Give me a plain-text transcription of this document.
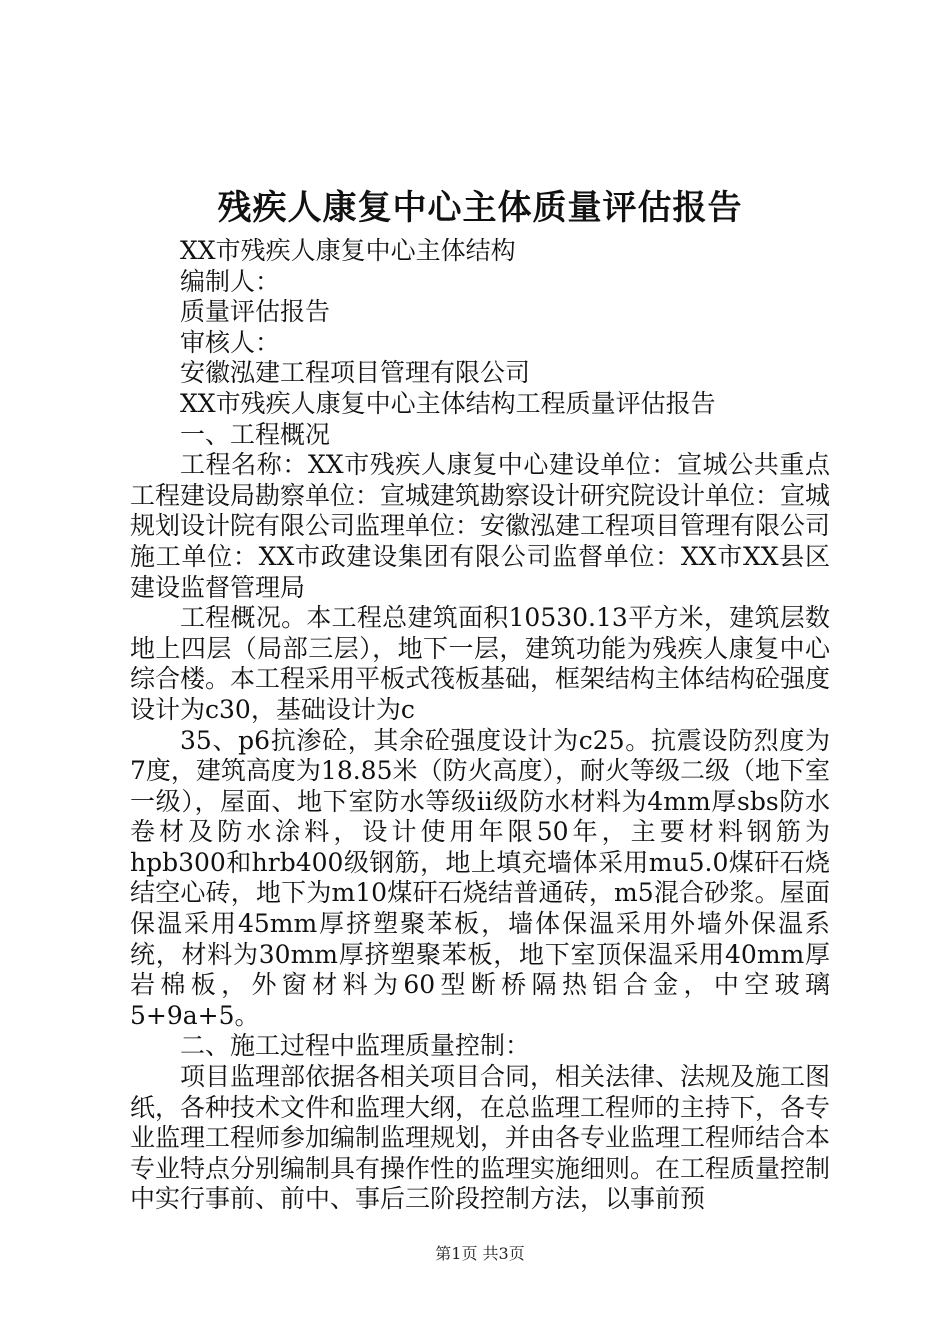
残疾人康复中心主体质量评估报告

XX市残疾人康复中心主体结构

编制人：

质量评估报告

审核人：

安徽泓建工程项目管理有限公司

XX市残疾人康复中心主体结构工程质量评估报告

一、工程概况

工程名称：XX市残疾人康复中心建设单位：宣城公共重点工程建设局勘察单位：宣城建筑勘察设计研究院设计单位：宣城规划设计院有限公司监理单位：安徽泓建工程项目管理有限公司施工单位：XX市政建设集团有限公司监督单位：XX市XX县区建设监督管理局

工程概况。本工程总建筑面积10530.13平方米，建筑层数地上四层（局部三层），地下一层，建筑功能为残疾人康复中心综合楼。本工程采用平板式筏板基础，框架结构主体结构砼强度设计为c30，基础设计为c

35、p6抗渗砼，其余砼强度设计为c25。抗震设防烈度为7度，建筑高度为18.85米（防火高度），耐火等级二级（地下室一级），屋面、地下室防水等级ii级防水材料为4mm厚sbs防水卷材及防水涂料，设计使用年限50年，主要材料钢筋为hpb300和hrb400级钢筋，地上填充墙体采用mu5.0煤矸石烧结空心砖，地下为m10煤矸石烧结普通砖，m5混合砂浆。屋面保温采用45mm厚挤塑聚苯板，墙体保温采用外墙外保温系统，材料为30mm厚挤塑聚苯板，地下室顶保温采用40mm厚岩棉板，外窗材料为60型断桥隔热铝合金，中空玻璃5+9a+5。

二、施工过程中监理质量控制：

项目监理部依据各相关项目合同，相关法律、法规及施工图纸，各种技术文件和监理大纲，在总监理工程师的主持下，各专业监理工程师参加编制监理规划，并由各专业监理工程师结合本专业特点分别编制具有操作性的监理实施细则。在工程质量控制中实行事前、前中、事后三阶段控制方法，以事前预

第1页 共3页
